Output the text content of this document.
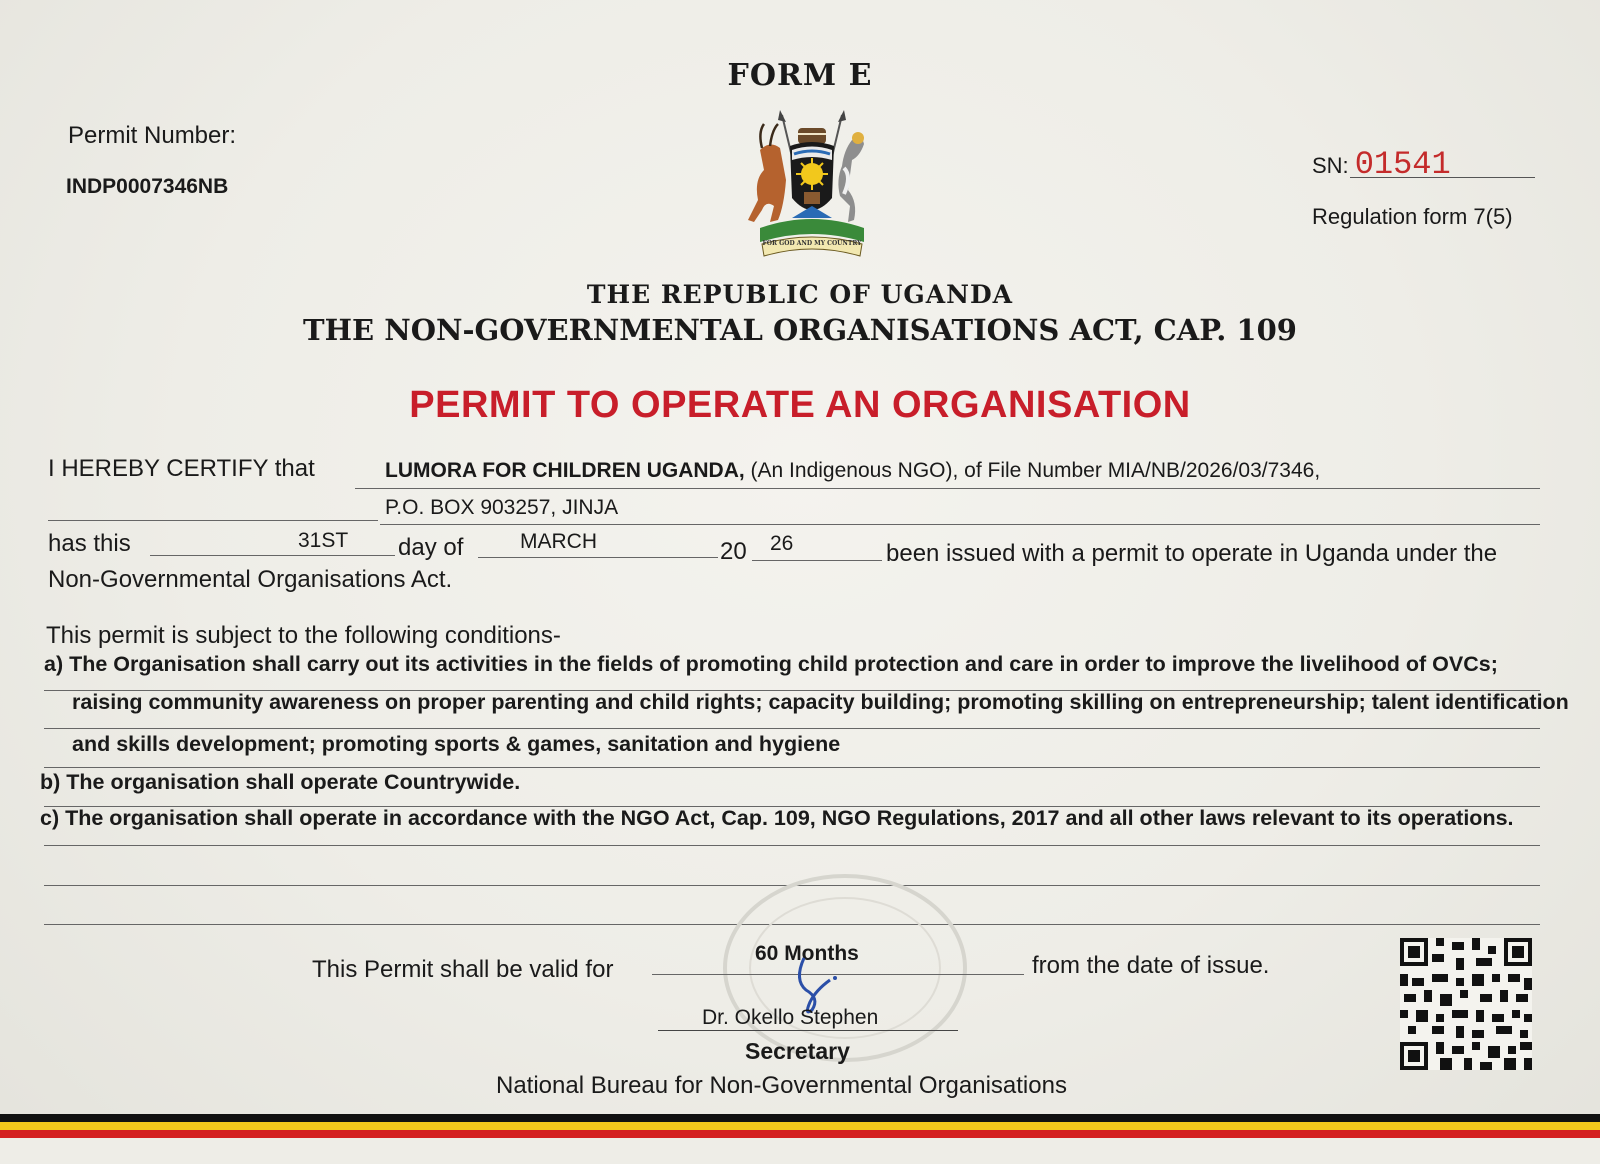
FORM E
Permit Number:
INDP0007346NB
SN: 01541
Regulation form 7(5)
FOR GOD AND MY COUNTRY
THE REPUBLIC OF UGANDA
THE NON-GOVERNMENTAL ORGANISATIONS ACT, CAP. 109
PERMIT TO OPERATE AN ORGANISATION
I HEREBY CERTIFY that	LUMORA FOR CHILDREN UGANDA, (An Indigenous NGO), of File Number MIA/NB/2026/03/7346,
P.O. BOX 903257, JINJA
has this	31ST day of	MARCH	20 26	been issued with a permit to operate in Uganda under the
Non-Governmental Organisations Act.
This permit is subject to the following conditions-
a) The Organisation shall carry out its activities in the fields of promoting child protection and care in order to improve the livelihood of OVCs;
raising community awareness on proper parenting and child rights; capacity building; promoting skilling on entrepreneurship; talent identification
and skills development; promoting sports & games, sanitation and hygiene
b) The organisation shall operate Countrywide.
c) The organisation shall operate in accordance with the NGO Act, Cap. 109, NGO Regulations, 2017 and all other laws relevant to its operations.
This Permit shall be valid for
60 Months	from the date of issue.
Dr. Okello Stephen
Secretary
National Bureau for Non-Governmental Organisations
